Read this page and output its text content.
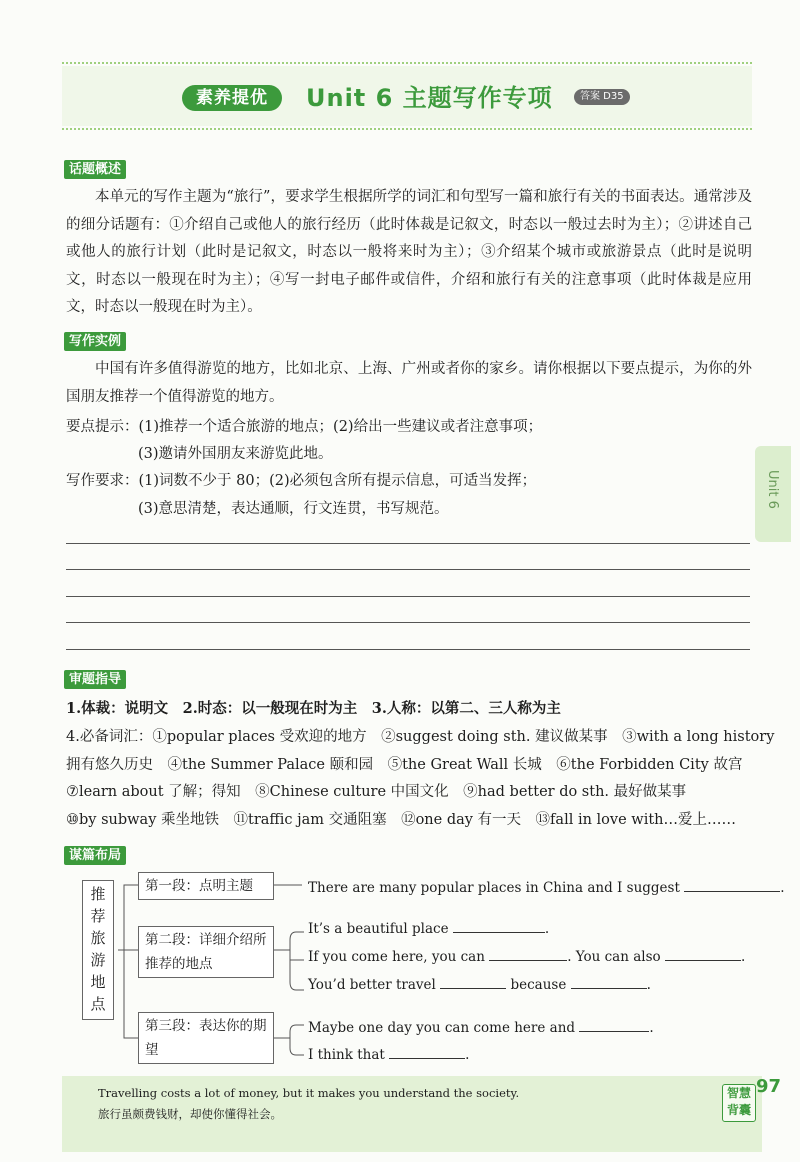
素养提优	Unit 6 主题写作专项	答案 D35
话题概述
本单元的写作主题为“旅行”，要求学生根据所学的词汇和句型写一篇和旅行有关的书面表达。通常涉及的细分话题有：①介绍自己或他人的旅行经历（此时体裁是记叙文，时态以一般过去时为主）；②讲述自己或他人的旅行计划（此时是记叙文，时态以一般将来时为主）；③介绍某个城市或旅游景点（此时是说明文，时态以一般现在时为主）；④写一封电子邮件或信件，介绍和旅行有关的注意事项（此时体裁是应用文，时态以一般现在时为主）。
写作实例
中国有许多值得游览的地方，比如北京、上海、广州或者你的家乡。请你根据以下要点提示，为你的外国朋友推荐一个值得游览的地方。
要点提示：(1)推荐一个适合旅游的地点；(2)给出一些建议或者注意事项；
(3)邀请外国朋友来游览此地。
写作要求：(1)词数不少于 80；(2)必须包含所有提示信息，可适当发挥；
(3)意思清楚，表达通顺，行文连贯，书写规范。
Unit 6
审题指导
1.体裁：说明文　2.时态：以一般现在时为主　3.人称：以第二、三人称为主
4.必备词汇：①popular places 受欢迎的地方　②suggest doing sth. 建议做某事　③with a long history
拥有悠久历史　④the Summer Palace 颐和园　⑤the Great Wall 长城　⑥the Forbidden City 故宫
⑦learn about 了解；得知　⑧Chinese culture 中国文化　⑨had better do sth. 最好做某事
⑩by subway 乘坐地铁　⑪traffic jam 交通阻塞　⑫one day 有一天　⑬fall in love with…爱上……
谋篇布局
推荐旅游地点
第一段：点明主题
第二段：详细介绍所推荐的地点
第三段：表达你的期望
There are many popular places in China and I suggest	.
It’s a beautiful place	.
If you come here, you can	. You can also	.
You’d better travel	because	.
Maybe one day you can come here and	.
I think that	.
Travelling costs a lot of money, but it makes you understand the society.
旅行虽颇费钱财，却使你懂得社会。
智慧背囊
97
